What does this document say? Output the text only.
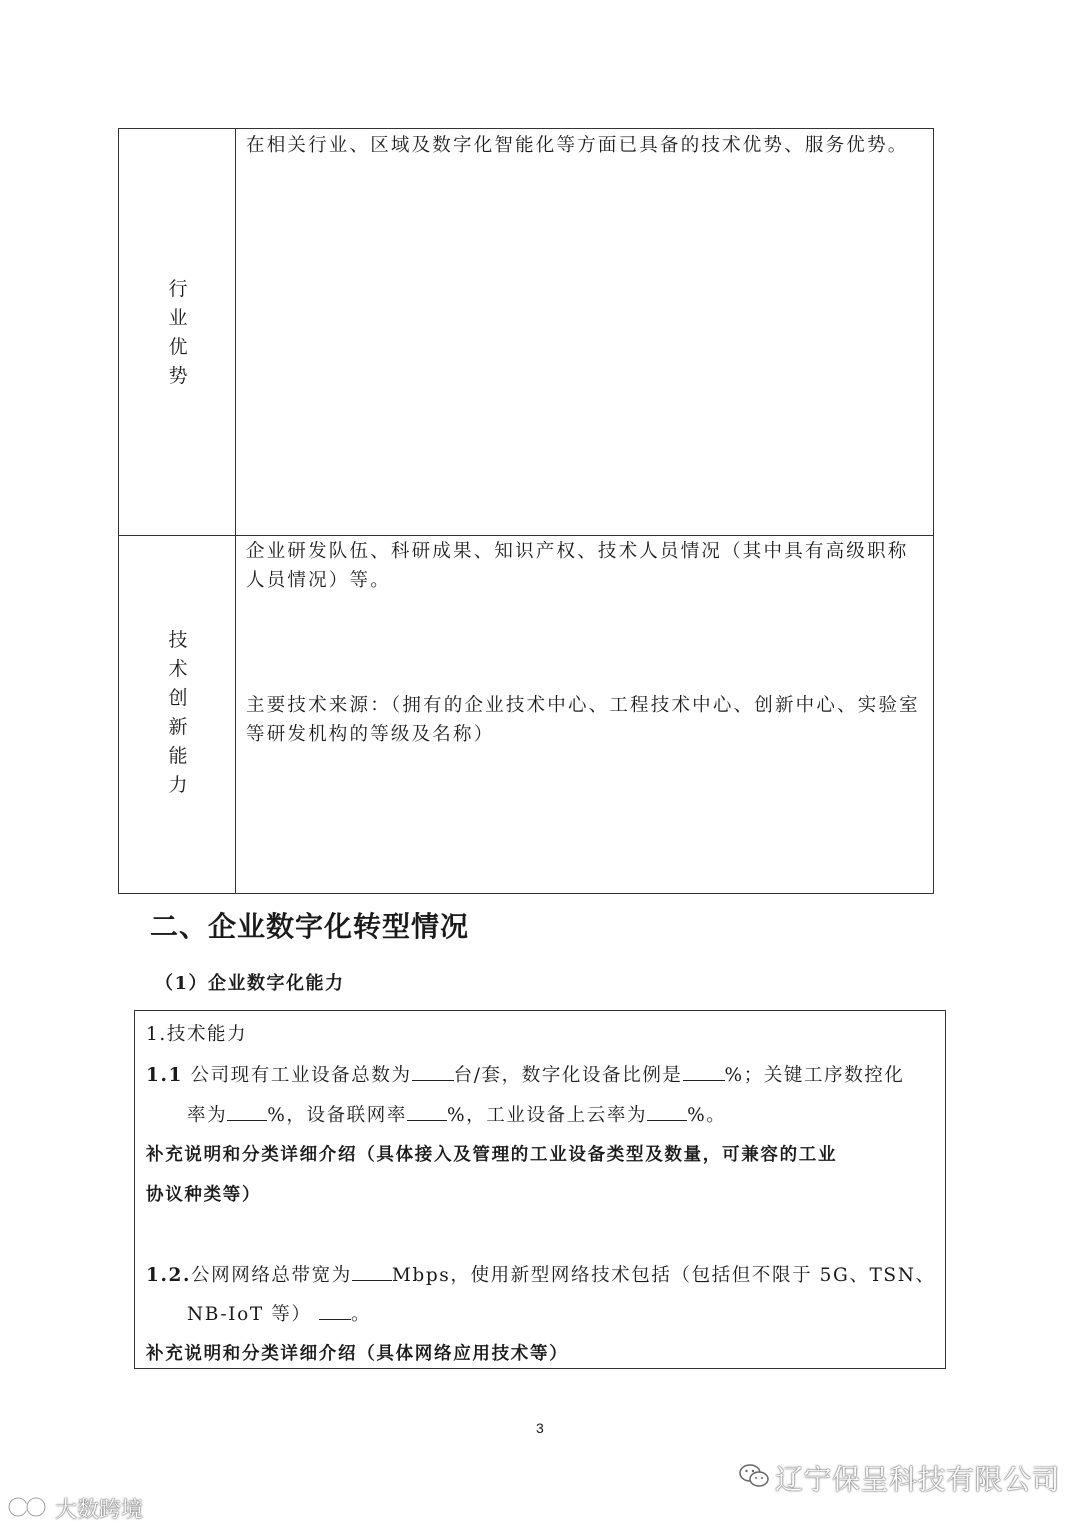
行
业
优
势
在相关行业、区域及数字化智能化等方面已具备的技术优势、服务优势。
技
术
创
新
能
力
企业研发队伍、科研成果、知识产权、技术人员情况（其中具有高级职称人员情况）等。
主要技术来源：（拥有的企业技术中心、工程技术中心、创新中心、实验室等研发机构的等级及名称）
二、企业数字化转型情况
（1）企业数字化能力
1.技术能力
1.1 公司现有工业设备总数为 台/套，数字化设备比例是 %；关键工序数控化
率为 %，设备联网率 %，工业设备上云率为 %。
补充说明和分类详细介绍（具体接入及管理的工业设备类型及数量，可兼容的工业
协议种类等）
1.2.公网网络总带宽为 Mbps，使用新型网络技术包括（包括但不限于 5G、TSN、
NB-IoT 等） 。
补充说明和分类详细介绍（具体网络应用技术等）
3
辽宁保呈科技有限公司
大数跨境
